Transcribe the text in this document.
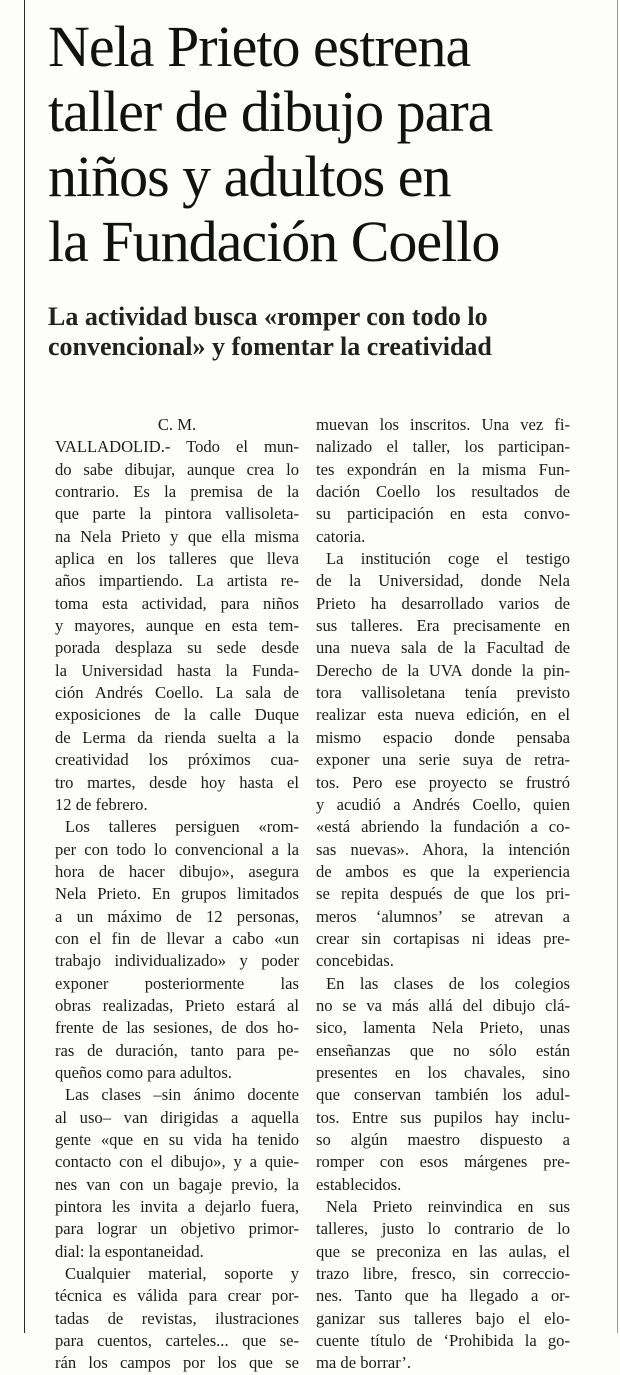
Nela Prieto estrena
taller de dibujo para
niños y adultos en
la Fundación Coello
La actividad busca «romper con todo lo
convencional» y fomentar la creatividad
C. M.
VALLADOLID.- Todo el mun-
do sabe dibujar, aunque crea lo
contrario. Es la premisa de la
que parte la pintora vallisoleta-
na Nela Prieto y que ella misma
aplica en los talleres que lleva
años impartiendo. La artista re-
toma esta actividad, para niños
y mayores, aunque en esta tem-
porada desplaza su sede desde
la Universidad hasta la Funda-
ción Andrés Coello. La sala de
exposiciones de la calle Duque
de Lerma da rienda suelta a la
creatividad los próximos cua-
tro martes, desde hoy hasta el
12 de febrero.
Los talleres persiguen «rom-
per con todo lo convencional a la
hora de hacer dibujo», asegura
Nela Prieto. En grupos limitados
a un máximo de 12 personas,
con el fin de llevar a cabo «un
trabajo individualizado» y poder
exponer posteriormente las
obras realizadas, Prieto estará al
frente de las sesiones, de dos ho-
ras de duración, tanto para pe-
queños como para adultos.
Las clases –sin ánimo docente
al uso– van dirigidas a aquella
gente «que en su vida ha tenido
contacto con el dibujo», y a quie-
nes van con un bagaje previo, la
pintora les invita a dejarlo fuera,
para lograr un objetivo primor-
dial: la espontaneidad.
Cualquier material, soporte y
técnica es válida para crear por-
tadas de revistas, ilustraciones
para cuentos, carteles... que se-
rán los campos por los que se
muevan los inscritos. Una vez fi-
nalizado el taller, los participan-
tes expondrán en la misma Fun-
dación Coello los resultados de
su participación en esta convo-
catoria.
La institución coge el testigo
de la Universidad, donde Nela
Prieto ha desarrollado varios de
sus talleres. Era precisamente en
una nueva sala de la Facultad de
Derecho de la UVA donde la pin-
tora vallisoletana tenía previsto
realizar esta nueva edición, en el
mismo espacio donde pensaba
exponer una serie suya de retra-
tos. Pero ese proyecto se frustró
y acudió a Andrés Coello, quien
«está abriendo la fundación a co-
sas nuevas». Ahora, la intención
de ambos es que la experiencia
se repita después de que los pri-
meros ‘alumnos’ se atrevan a
crear sin cortapisas ni ideas pre-
concebidas.
En las clases de los colegios
no se va más allá del dibujo clá-
sico, lamenta Nela Prieto, unas
enseñanzas que no sólo están
presentes en los chavales, sino
que conservan también los adul-
tos. Entre sus pupilos hay inclu-
so algún maestro dispuesto a
romper con esos márgenes pre-
establecidos.
Nela Prieto reinvindica en sus
talleres, justo lo contrario de lo
que se preconiza en las aulas, el
trazo libre, fresco, sin correccio-
nes. Tanto que ha llegado a or-
ganizar sus talleres bajo el elo-
cuente título de ‘Prohibida la go-
ma de borrar’.
